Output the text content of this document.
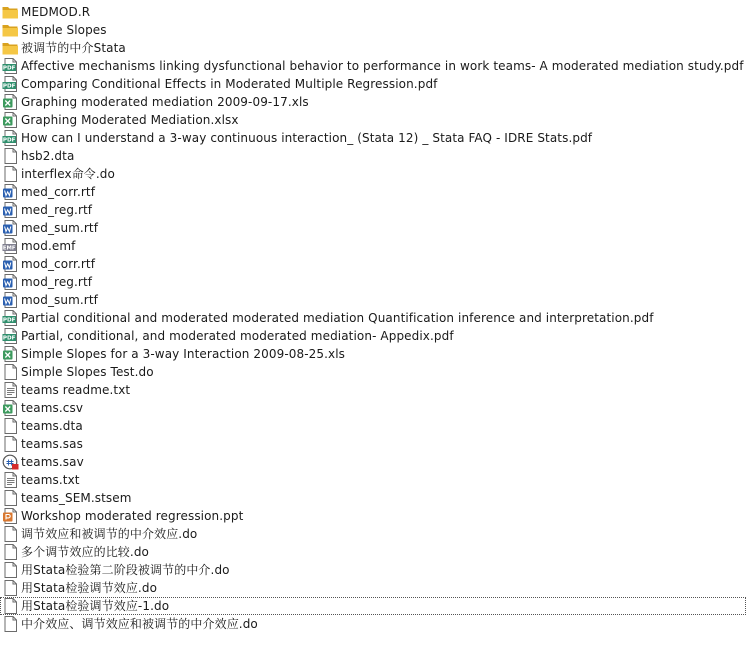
MEDMOD.R
Simple Slopes
被调节的中介Stata
PDF Affective mechanisms linking dysfunctional behavior to performance in work teams- A moderated mediation study.pdf
PDF Comparing Conditional Effects in Moderated Multiple Regression.pdf
Graphing moderated mediation 2009-09-17.xls
Graphing Moderated Mediation.xlsx
PDF How can I understand a 3-way continuous interaction_ (Stata 12) _ Stata FAQ - IDRE Stats.pdf
hsb2.dta
interflex命令.do
med_corr.rtf
med_reg.rtf
med_sum.rtf
EMF mod.emf
mod_corr.rtf
mod_reg.rtf
mod_sum.rtf
PDF Partial conditional and moderated moderated mediation Quantification inference and interpretation.pdf
PDF Partial, conditional, and moderated moderated mediation- Appedix.pdf
Simple Slopes for a 3-way Interaction 2009-08-25.xls
Simple Slopes Test.do
teams readme.txt
teams.csv
teams.dta
teams.sas
teams.sav
teams.txt
teams_SEM.stsem
Workshop moderated regression.ppt
调节效应和被调节的中介效应.do
多个调节效应的比较.do
用Stata检验第二阶段被调节的中介.do
用Stata检验调节效应.do
用Stata检验调节效应-1.do
中介效应、调节效应和被调节的中介效应.do
